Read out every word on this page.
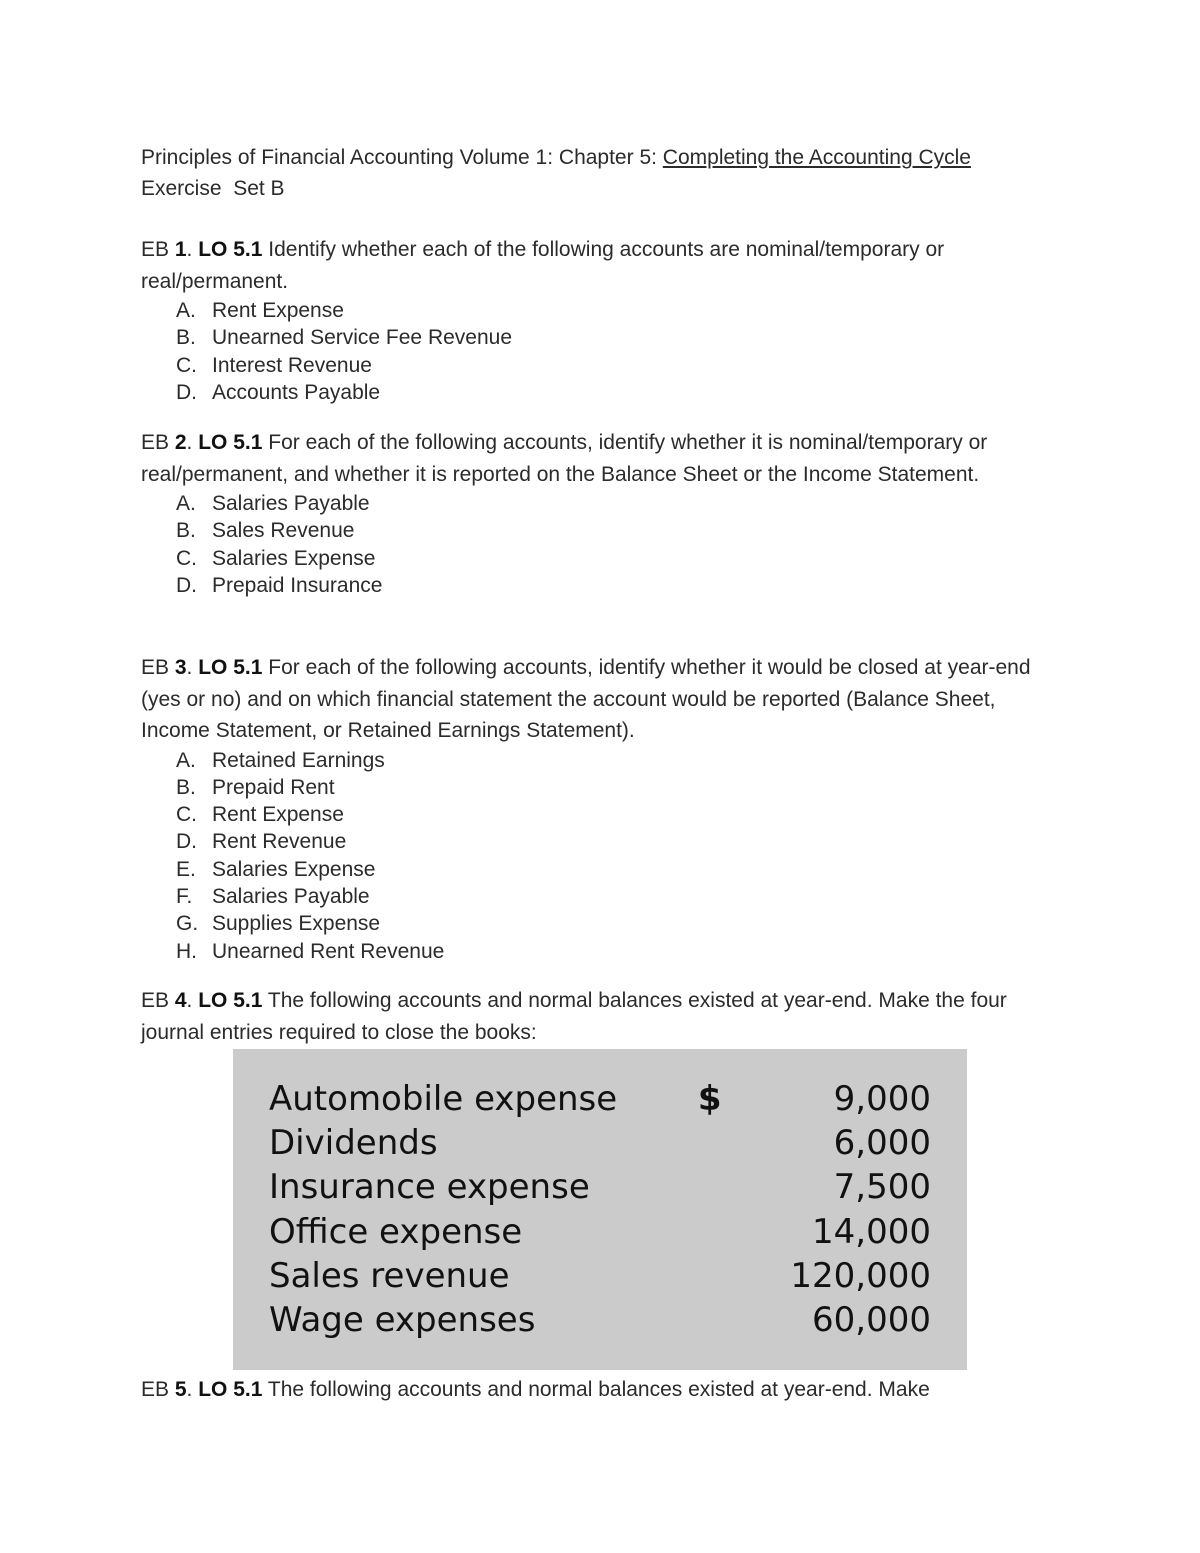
Principles of Financial Accounting Volume 1: Chapter 5: Completing the Accounting Cycle
Exercise  Set B
EB 1. LO 5.1 Identify whether each of the following accounts are nominal/temporary or real/permanent.
A. Rent Expense
B. Unearned Service Fee Revenue
C. Interest Revenue
D. Accounts Payable
EB 2. LO 5.1 For each of the following accounts, identify whether it is nominal/temporary or real/permanent, and whether it is reported on the Balance Sheet or the Income Statement.
A. Salaries Payable
B. Sales Revenue
C. Salaries Expense
D. Prepaid Insurance
EB 3. LO 5.1 For each of the following accounts, identify whether it would be closed at year-end (yes or no) and on which financial statement the account would be reported (Balance Sheet, Income Statement, or Retained Earnings Statement).
A. Retained Earnings
B. Prepaid Rent
C. Rent Expense
D. Rent Revenue
E. Salaries Expense
F. Salaries Payable
G. Supplies Expense
H. Unearned Rent Revenue
EB 4. LO 5.1 The following accounts and normal balances existed at year-end. Make the four journal entries required to close the books:
Automobile expense	$	9,000
Dividends		6,000
Insurance expense		7,500
Office expense		14,000
Sales revenue		120,000
Wage expenses		60,000
EB 5. LO 5.1 The following accounts and normal balances existed at year-end. Make
